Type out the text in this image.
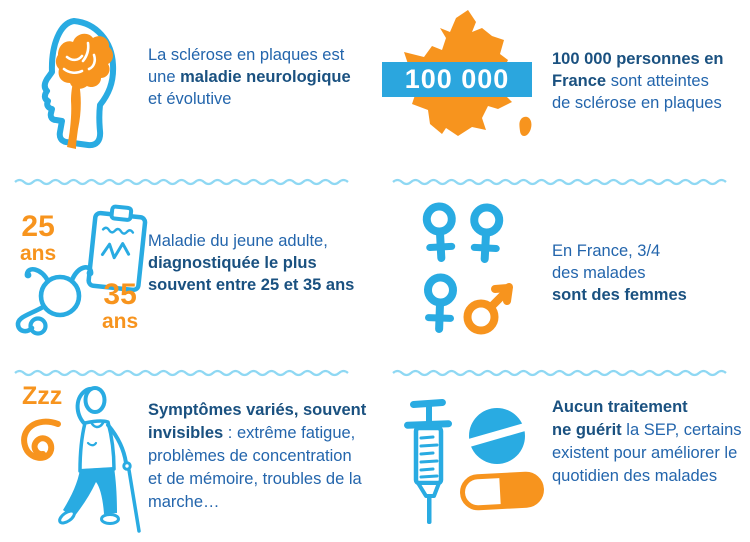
La sclérose en plaques est
une maladie neurologique
et évolutive
100 000
100 000 personnes en
France sont atteintes
de sclérose en plaques
25
ans
35
ans
Maladie du jeune adulte,
diagnostiquée le plus
souvent entre 25 et 35 ans
En France, 3/4
des malades
sont des femmes
Zzz	Symptômes variés, souvent
invisibles : extrême fatigue,
problèmes de concentration
et de mémoire, troubles de la
marche…
Aucun traitement
ne guérit la SEP, certains
existent pour améliorer le
quotidien des malades
